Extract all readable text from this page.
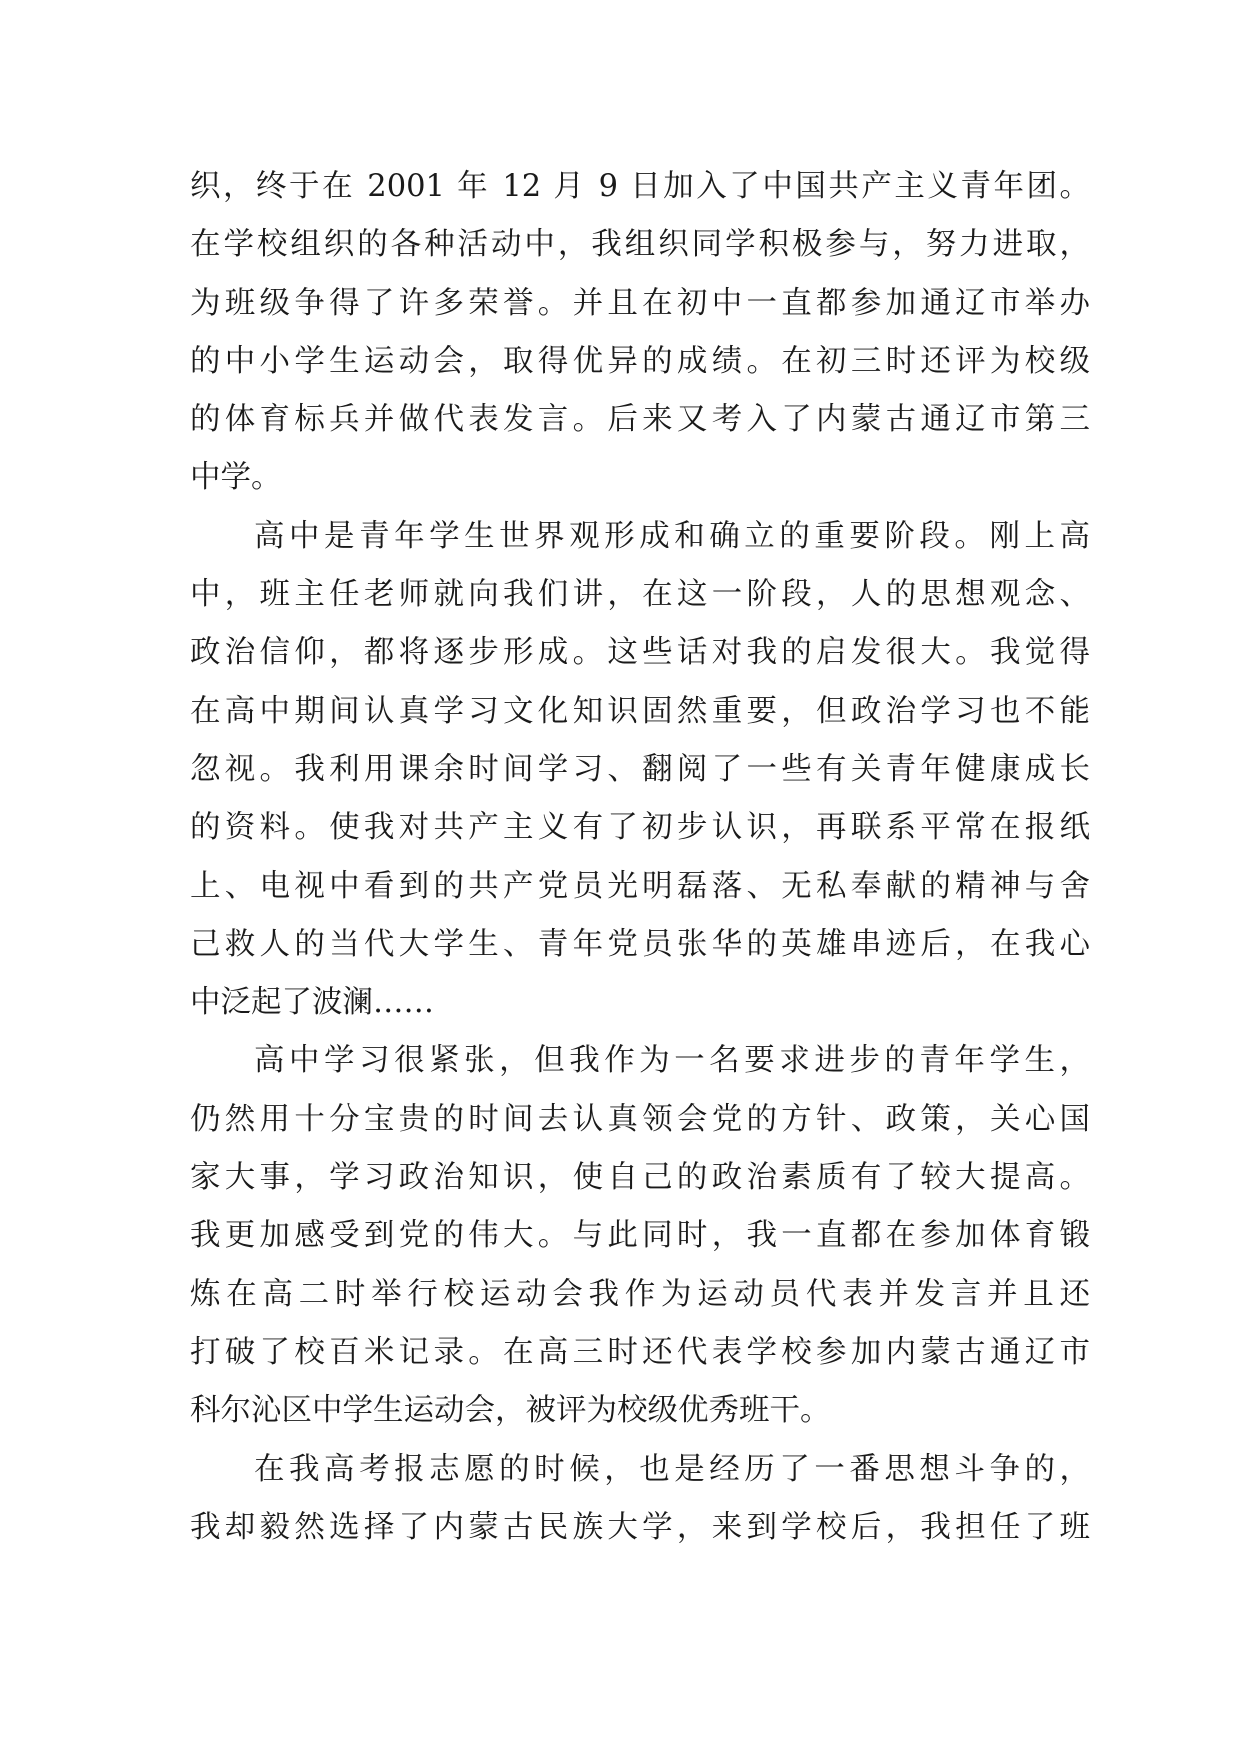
织，终于在 2001 年 12 月 9 日加入了中国共产主义青年团。
在学校组织的各种活动中，我组织同学积极参与，努力进取，
为班级争得了许多荣誉。并且在初中一直都参加通辽市举办
的中小学生运动会，取得优异的成绩。在初三时还评为校级
的体育标兵并做代表发言。后来又考入了内蒙古通辽市第三
中学。
高中是青年学生世界观形成和确立的重要阶段。刚上高
中，班主任老师就向我们讲，在这一阶段，人的思想观念、
政治信仰，都将逐步形成。这些话对我的启发很大。我觉得
在高中期间认真学习文化知识固然重要，但政治学习也不能
忽视。我利用课余时间学习、翻阅了一些有关青年健康成长
的资料。使我对共产主义有了初步认识，再联系平常在报纸
上、电视中看到的共产党员光明磊落、无私奉献的精神与舍
己救人的当代大学生、青年党员张华的英雄串迹后，在我心
中泛起了波澜……
高中学习很紧张，但我作为一名要求进步的青年学生，
仍然用十分宝贵的时间去认真领会党的方针、政策，关心国
家大事，学习政治知识，使自己的政治素质有了较大提高。
我更加感受到党的伟大。与此同时，我一直都在参加体育锻
炼在高二时举行校运动会我作为运动员代表并发言并且还
打破了校百米记录。在高三时还代表学校参加内蒙古通辽市
科尔沁区中学生运动会，被评为校级优秀班干。
在我高考报志愿的时候，也是经历了一番思想斗争的，
我却毅然选择了内蒙古民族大学，来到学校后，我担任了班
